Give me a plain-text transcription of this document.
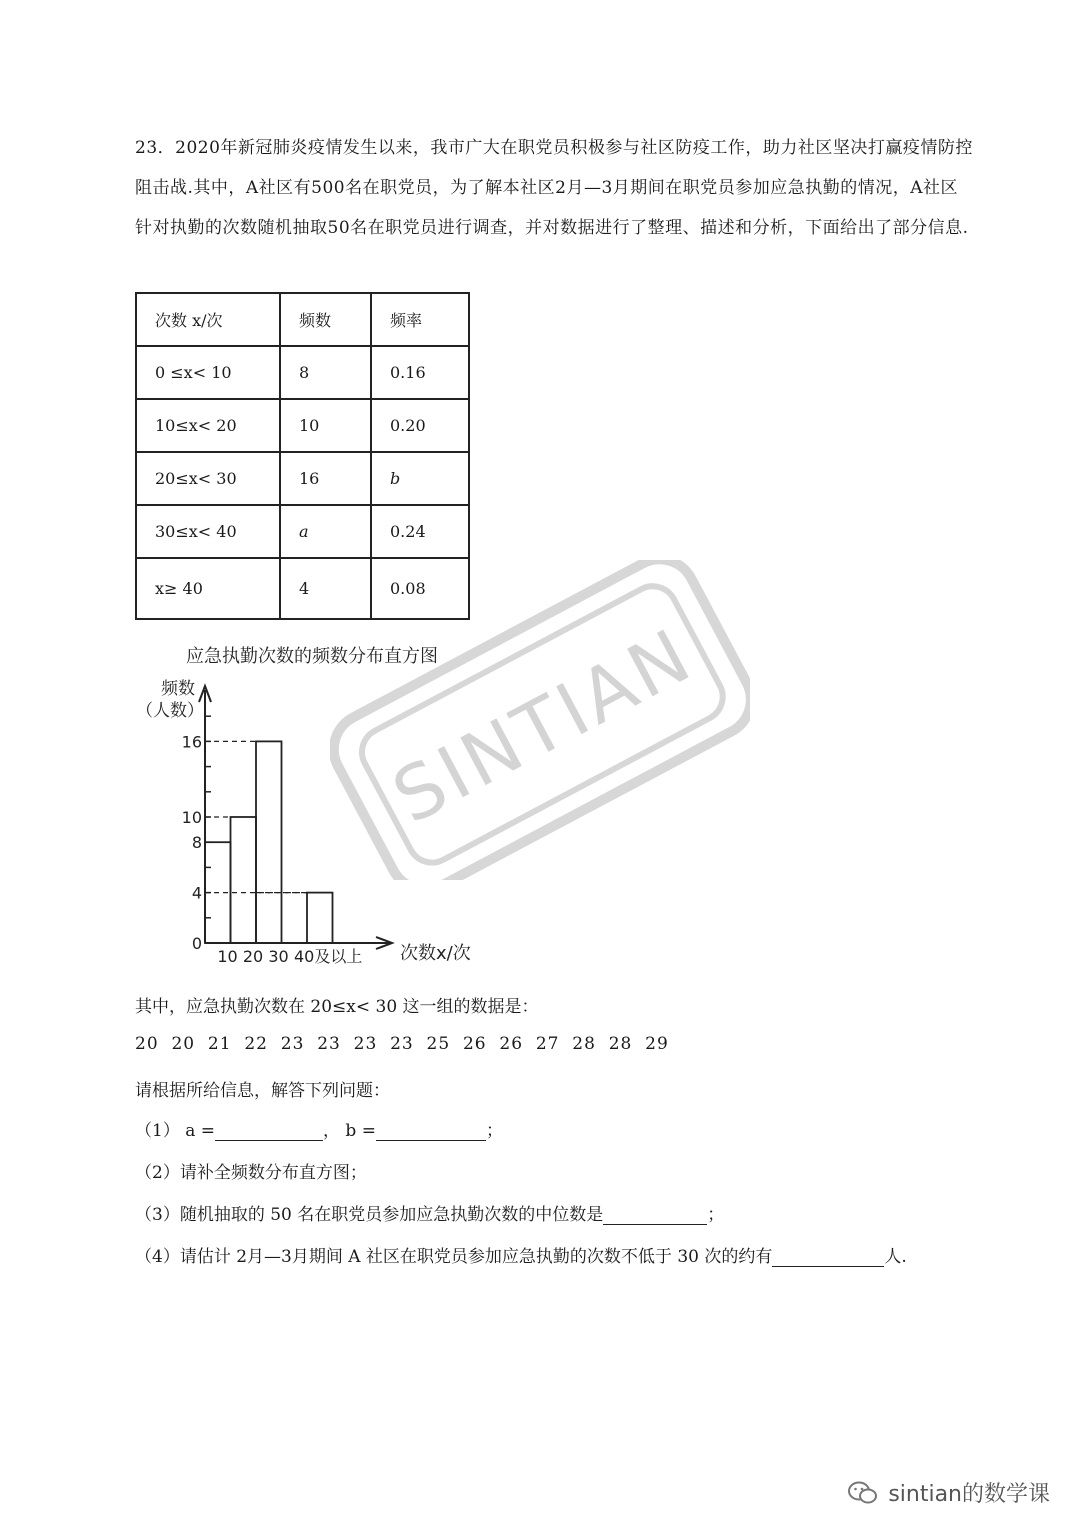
23．2020年新冠肺炎疫情发生以来，我市广大在职党员积极参与社区防疫工作，助力社区坚决打赢疫情防控阻击战.其中，A社区有500名在职党员，为了解本社区2月—3月期间在职党员参加应急执勤的情况，A社区针对执勤的次数随机抽取50名在职党员进行调查，并对数据进行了整理、描述和分析，下面给出了部分信息.
次数 x/次	频数	频率
0 ≤x< 10	8	0.16
10≤x< 20	10	0.20
20≤x< 30	16	b
30≤x< 40	a	0.24
x≥ 40	4	0.08
应急执勤次数的频数分布直方图
频数
（人数）
0
4
8
10
16
10 20 30 40及以上 次数x/次
SINTIAN
其中，应急执勤次数在 20≤x< 30 这一组的数据是：
20  20  21  22  23  23  23  23  25  26  26  27  28  28  29
请根据所给信息，解答下列问题：
（1） a =	， b =	；
（2）请补全频数分布直方图；
（3）随机抽取的 50 名在职党员参加应急执勤次数的中位数是	；
（4）请估计 2月—3月期间 A 社区在职党员参加应急执勤的次数不低于 30 次的约有	人.
sintian的数学课
